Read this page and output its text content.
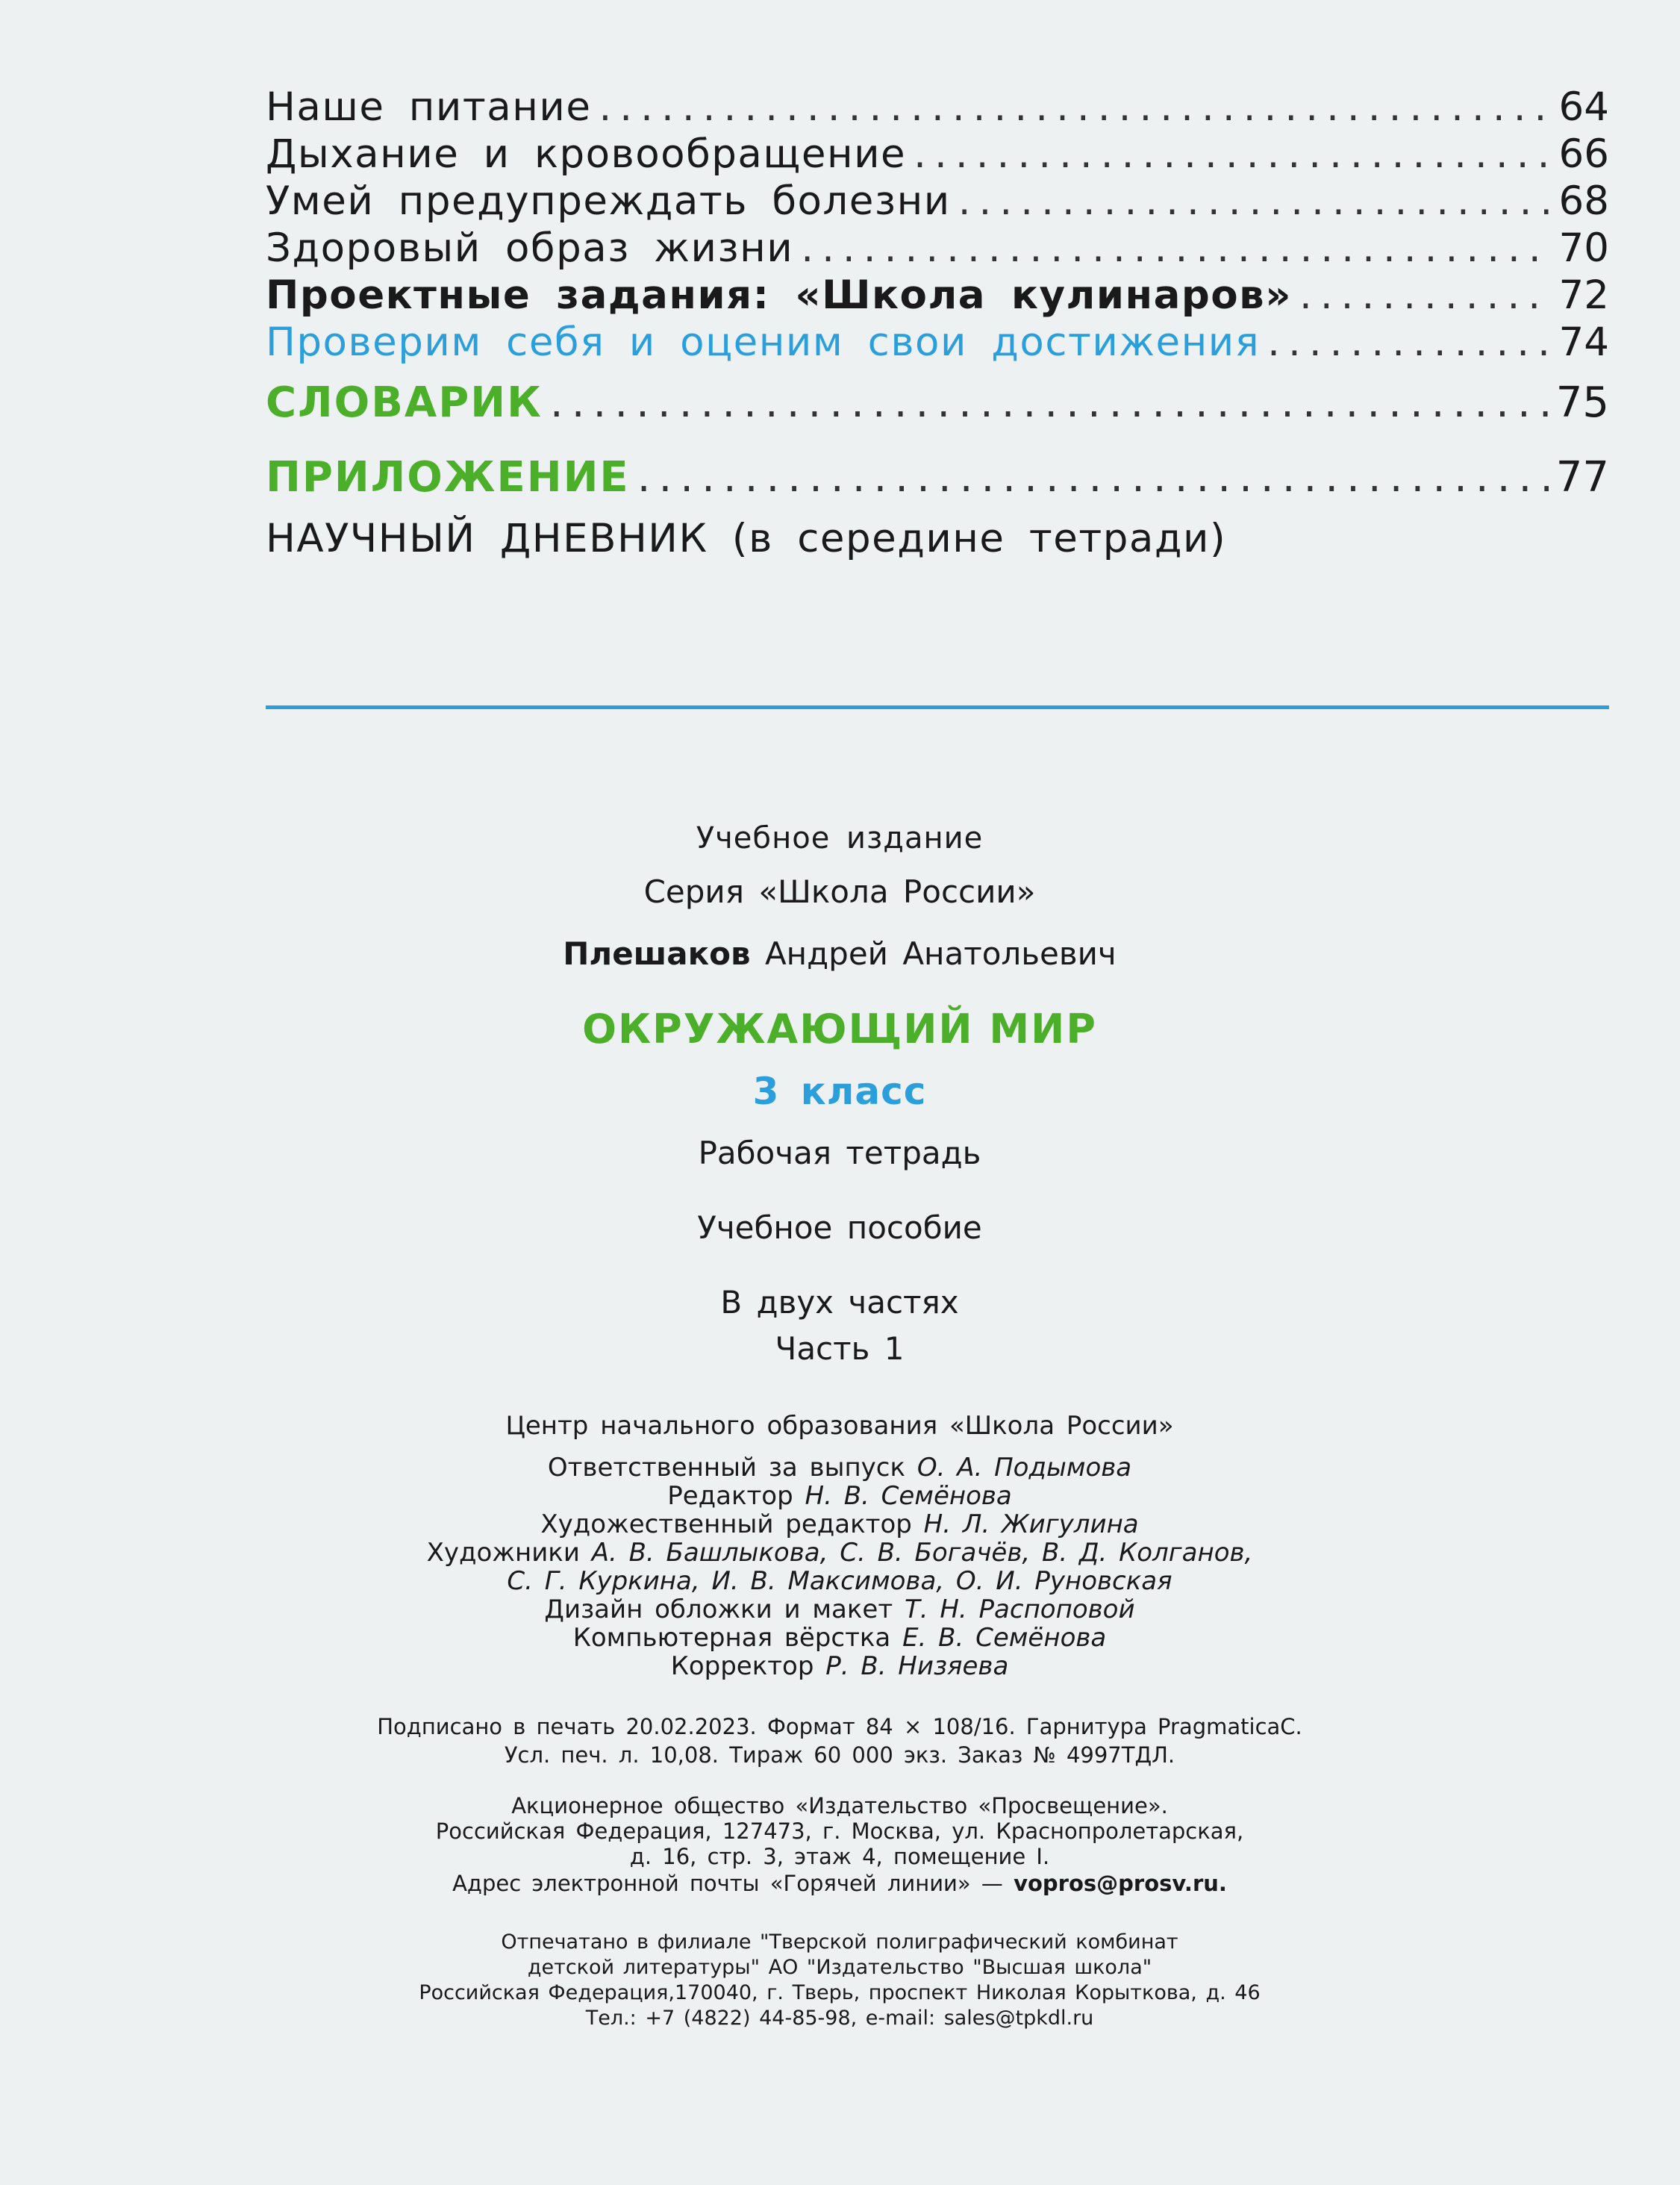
Наше питание .....	64
Дыхание и кровообращение .....	66
Умей предупреждать болезни .....	68
Здоровый образ жизни .....	70
Проектные задания: «Школа кулинаров» .....	72
Проверим себя и оценим свои достижения .....	74
СЛОВАРИК .....	75
ПРИЛОЖЕНИЕ .....	77
НАУЧНЫЙ ДНЕВНИК (в середине тетради)
Учебное издание
Серия «Школа России»
Плешаков Андрей Анатольевич
ОКРУЖАЮЩИЙ МИР
3 класс
Рабочая тетрадь
Учебное пособие
В двух частях
Часть 1
Центр начального образования «Школа России»
Ответственный за выпуск О. А. Подымова
Редактор Н. В. Семёнова
Художественный редактор Н. Л. Жигулина
Художники А. В. Башлыкова, С. В. Богачёв, В. Д. Колганов,
С. Г. Куркина, И. В. Максимова, О. И. Руновская
Дизайн обложки и макет Т. Н. Распоповой
Компьютерная вёрстка Е. В. Семёнова
Корректор Р. В. Низяева
Подписано в печать 20.02.2023. Формат 84 × 108/16. Гарнитура PragmaticaC.
Усл. печ. л. 10,08. Тираж 60 000 экз. Заказ № 4997ТДЛ.
Акционерное общество «Издательство «Просвещение».
Российская Федерация, 127473, г. Москва, ул. Краснопролетарская,
д. 16, стр. 3, этаж 4, помещение I.
Адрес электронной почты «Горячей линии» — vopros@prosv.ru.
Отпечатано в филиале "Тверской полиграфический комбинат
детской литературы" АО "Издательство "Высшая школа"
Российская Федерация,170040, г. Тверь, проспект Николая Корыткова, д. 46
Тел.: +7 (4822) 44-85-98, e-mail: sales@tpkdl.ru
